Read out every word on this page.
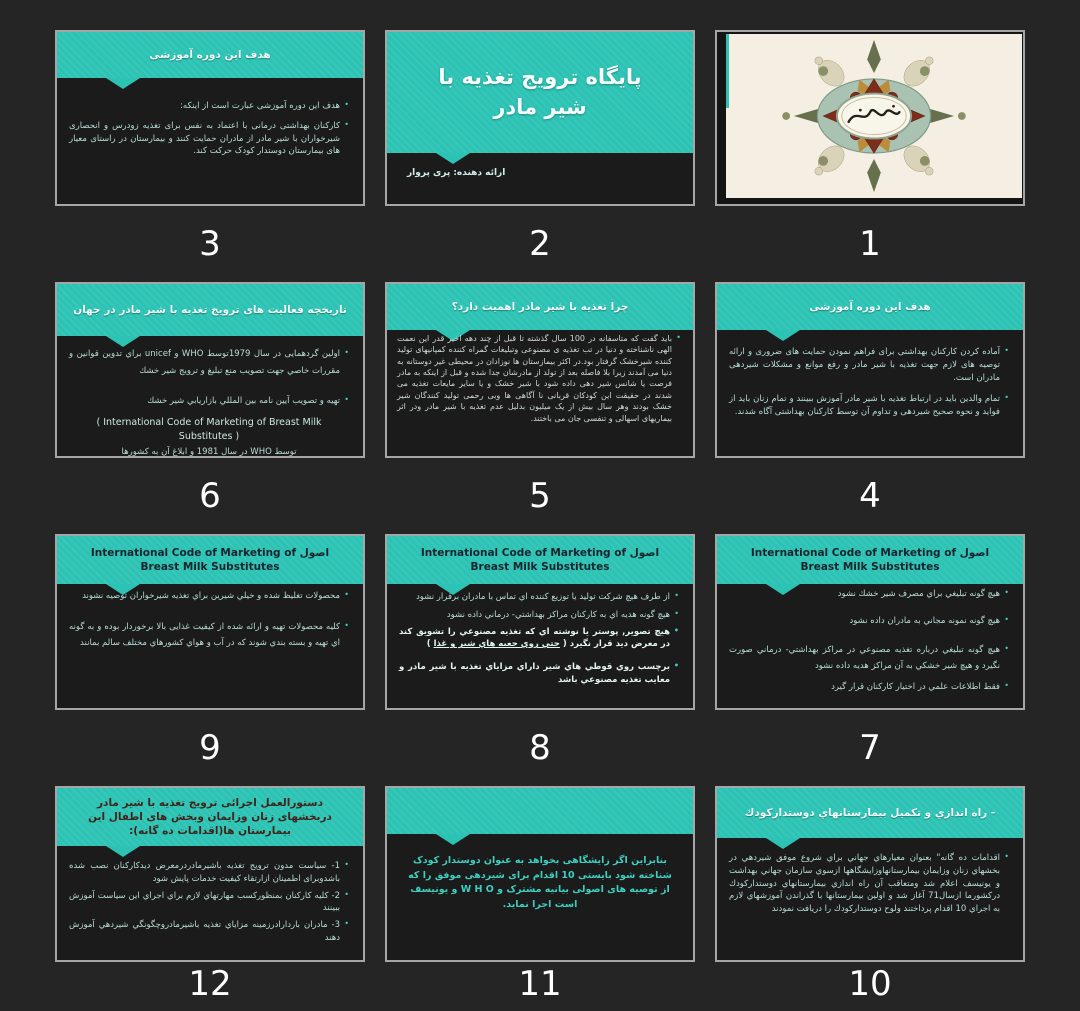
هدف این دوره آموزشی
•
هدف این دوره آموزشی عبارت است از اینکه:
•
کارکنان بهداشتی درمانی با اعتماد به نفس برای تغذیه زودرس و انحصاری شیرخواران با شیر مادر از مادران حمایت کنند و بیمارستان در راستای معیار های بیمارستان دوستدار کودک حرکت کند.
3
پایگاه ترویج تغذیه با شیر مادر
ارائه دهنده: پری پروار
2	1
تاریخچه فعالیت های ترویج تغذیه با شیر مادر در جهان
•
اولین گردهمایی در سال 1979توسط WHO و unicef براي تدوین قوانین و مقررات خاصي جهت تصویب منع تبلیغ و ترویج شیر خشك
•
تهیه و تصویب آیین نامه بین المللي بازاریابي شیر خشك
( International Code of Marketing of Breast Milk Substitutes )
توسط WHO در سال 1981 و ابلاغ آن به کشورها
6
چرا تغذیه با شیر مادر اهمیت دارد؟
•
باید گفت که متاسفانه در 100 سال گذشته تا قبل از چند دهه اخیر قدر این نعمت الهی ناشناخته و دنیا در تب تغذیه ی مصنوعی وتبلیغات گمراه کننده کمپانیهای تولید کننده شیرخشک گرفتار بود.در اکثر بیمازستان ها نوزادان در محیطی غیر دوستانه به دنیا می آمدند زیرا بلا فاصله بعد از تولد از مادرشان جدا شده و قبل از اینکه به مادر فرصت یا شانس شیر دهی داده شود با شیر خشک و یا سایر مایعات تغذیه می شدند در حقیقت این کودکان قربانی نا آگاهی ها وبی رحمی تولید کنندگان شیر خشک بودند وهر سال بیش از یک میلیون بدلیل عدم تغذیه با شیر مادر ودر اثر بیماریهای اسهالی و تنفسی جان می باختند.
5
هدف این دوره آموزشی
•
آماده کردن کارکنان بهداشتی برای فراهم نمودن حمایت های ضروری و ارائه توصیه های لازم جهت تغذیه با شیر مادر و رفع موانع و مشکلات شیردهی مادران است.
•
تمام والدین باید در ارتباط تغذیه با شیر مادر آموزش ببینند و تمام زنان باید از فواید و نحوه صحیح شیردهی و تداوم آن توسط کارکنان بهداشتی آگاه شدند.
4
اصول International Code of Marketing of
Breast Milk Substitutes
•
محصولات تغلیظ شده و خیلي شیرین براي تغذیه شیرخواران توصیه نشوند
•
کلیه محصولات تهیه و ارائه شده از کیفیت غذایی بالا برخوردار بوده و به گونه اي تهیه و بسته بندي شوند که در آب و هواي کشورهاي مختلف سالم بمانند
9
اصول International Code of Marketing of
Breast Milk Substitutes
•
از طرف هیچ شرکت تولید یا توزیع کننده اي تماس با مادران برقرار نشود
•
هیچ گونه هدیه اي به کارکنان مراکز بهداشتي- درماني داده نشود
•
هیچ تصویر, پوستر یا نوشته اي که تغذیه مصنوعي را تشویق کند در معرض دید قرار نگیرد ( حتي روي جعبه هاي شیر و غذا )
•
برچسب روي قوطي هاي شیر داراي مزایاي تغذیه با شیر مادر و معایب تغذیه مصنوعي باشد
8
اصول International Code of Marketing of
Breast Milk Substitutes
•
هیچ گونه تبلیغي براي مصرف شیر خشك نشود
•
هیچ گونه نمونه مجاني به مادران داده نشود
•
هیچ گونه تبلیغي درباره تغذیه مصنوعي در مراکز بهداشتي- درماني صورت نگیرد و هیچ شیر خشکي به آن مراکز هدیه داده نشود
•
فقط اطلاعات علمي در اختیار کارکنان قرار گیرد
7
دستورالعمل اجرائی ترویج تغذیه با شیر مادر دربخشهای زنان وزایمان وبخش های اطفال این بیمارستان ها(اقدامات ده گانه):
•
1- سیاست مدون ترویج تغذیه باشیرمادردرمعرض دیدکارکنان نصب شده باشدوبرای اطمینان ازارتقاء کیفیت خدمات پایش شود
•
2- کلیه کارکنان بمنظورکسب مهارتهاي لازم براي اجراي این سیاست آموزش ببینند
•
3- مادران باردارادرزمینه مزایاي تغذیه باشیرمادروچگونگي شیردهي آموزش دهند
12
بنابراین اگر زایشگاهی بخواهد به عنوان دوستدار کودک شناخته شود بایستی 10 اقدام برای شیردهی موفق را که از توصیه های اصولی بیانیه مشترک و W H O و یونیسف است اجرا نماید.
11
- راه اندازي و تکمیل بیمارستانهاي دوستدارکودك
•
اقدامات ده گانه" بعنوان معیارهاي جهاني براي شروع موفق شیردهي در بخشهاي زنان وزایمان بیمارستانهاوزایشگاهها ازسوي سازمان جهاني بهداشت و یونیسف اعلام شد ومتعاقب آن راه اندازي بیمارستانهاي دوستدارکودك درکشورما ازسال71 آغاز شد و اولین بیمارستانها با گذراندن آموزشهاي لازم به اجراي 10 اقدام پرداختند ولوح دوستدارکودك را دریافت نمودند
10
